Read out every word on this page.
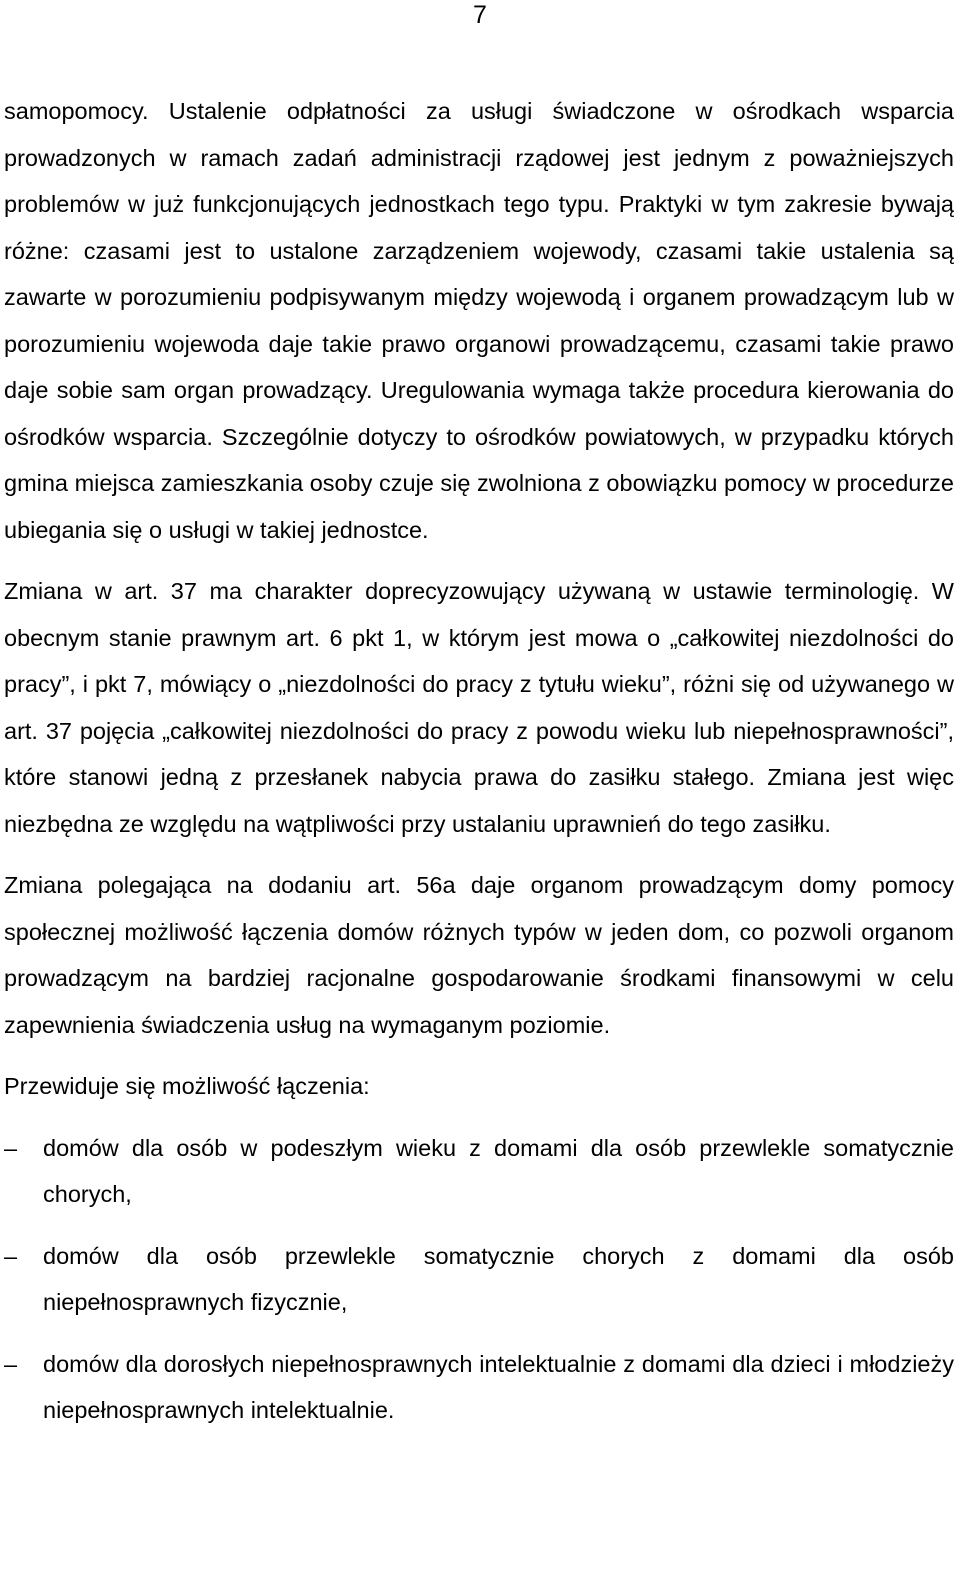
7

samopomocy. Ustalenie odpłatności za usługi świadczone w ośrodkach wsparcia prowadzonych w ramach zadań administracji rządowej jest jednym z poważniejszych problemów w już funkcjonujących jednostkach tego typu. Praktyki w tym zakresie bywają różne: czasami jest to ustalone zarządzeniem wojewody, czasami takie ustalenia są zawarte w porozumieniu podpisywanym między wojewodą i organem prowadzącym lub w porozumieniu wojewoda daje takie prawo organowi prowadzącemu, czasami takie prawo daje sobie sam organ prowadzący. Uregulowania wymaga także procedura kierowania do ośrodków wsparcia. Szczególnie dotyczy to ośrodków powiatowych, w przypadku których gmina miejsca zamieszkania osoby czuje się zwolniona z obowiązku pomocy w procedurze ubiegania się o usługi w takiej jednostce.

Zmiana w art. 37 ma charakter doprecyzowujący używaną w ustawie terminologię. W obecnym stanie prawnym art. 6 pkt 1, w którym jest mowa o „całkowitej niezdolności do pracy”, i pkt 7, mówiący o „niezdolności do pracy z tytułu wieku”, różni się od używanego w art. 37 pojęcia „całkowitej niezdolności do pracy z powodu wieku lub niepełnosprawności”, które stanowi jedną z przesłanek nabycia prawa do zasiłku stałego. Zmiana jest więc niezbędna ze względu na wątpliwości przy ustalaniu uprawnień do tego zasiłku.

Zmiana polegająca na dodaniu art. 56a daje organom prowadzącym domy pomocy społecznej możliwość łączenia domów różnych typów w jeden dom, co pozwoli organom prowadzącym na bardziej racjonalne gospodarowanie środkami finansowymi w celu zapewnienia świadczenia usług na wymaganym poziomie.

Przewiduje się możliwość łączenia:

– domów dla osób w podeszłym wieku z domami dla osób przewlekle somatycznie chorych,
– domów dla osób przewlekle somatycznie chorych z domami dla osób niepełnosprawnych fizycznie,
– domów dla dorosłych niepełnosprawnych intelektualnie z domami dla dzieci i młodzieży niepełnosprawnych intelektualnie.
